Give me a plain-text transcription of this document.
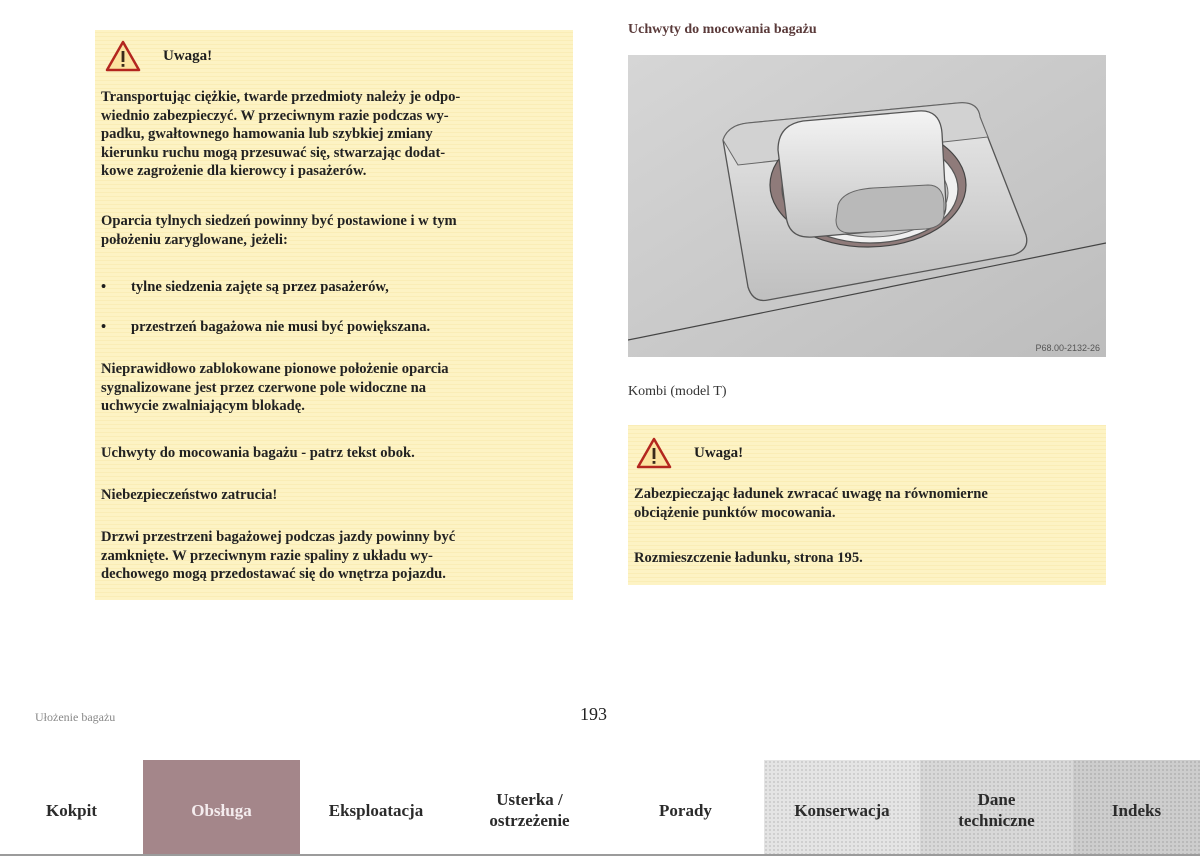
Uwaga!
Transportując ciężkie, twarde przedmioty należy je odpo-
wiednio zabezpieczyć. W przeciwnym razie podczas wy-
padku, gwałtownego hamowania lub szybkiej zmiany
kierunku ruchu mogą przesuwać się, stwarzając dodat-
kowe zagrożenie dla kierowcy i pasażerów.
Oparcia tylnych siedzeń powinny być postawione i w tym
położeniu zaryglowane, jeżeli:
•	tylne siedzenia zajęte są przez pasażerów,
•	przestrzeń bagażowa nie musi być powiększana.
Nieprawidłowo zablokowane pionowe położenie oparcia
sygnalizowane jest przez czerwone pole widoczne na
uchwycie zwalniającym blokadę.
Uchwyty do mocowania bagażu - patrz tekst obok.
Niebezpieczeństwo zatrucia!
Drzwi przestrzeni bagażowej podczas jazdy powinny być
zamknięte. W przeciwnym razie spaliny z układu wy-
dechowego mogą przedostawać się do wnętrza pojazdu.
Uchwyty do mocowania bagażu
P68.00-2132-26
Kombi (model T)
Uwaga!
Zabezpieczając ładunek zwracać uwagę na równomierne
obciążenie punktów mocowania.
Rozmieszczenie ładunku, strona 195.
Ułożenie bagażu	193
Kokpit	Obsługa	Eksploatacja
Usterka /
ostrzeżenie
Porady	Konserwacja
Dane
techniczne
Indeks
